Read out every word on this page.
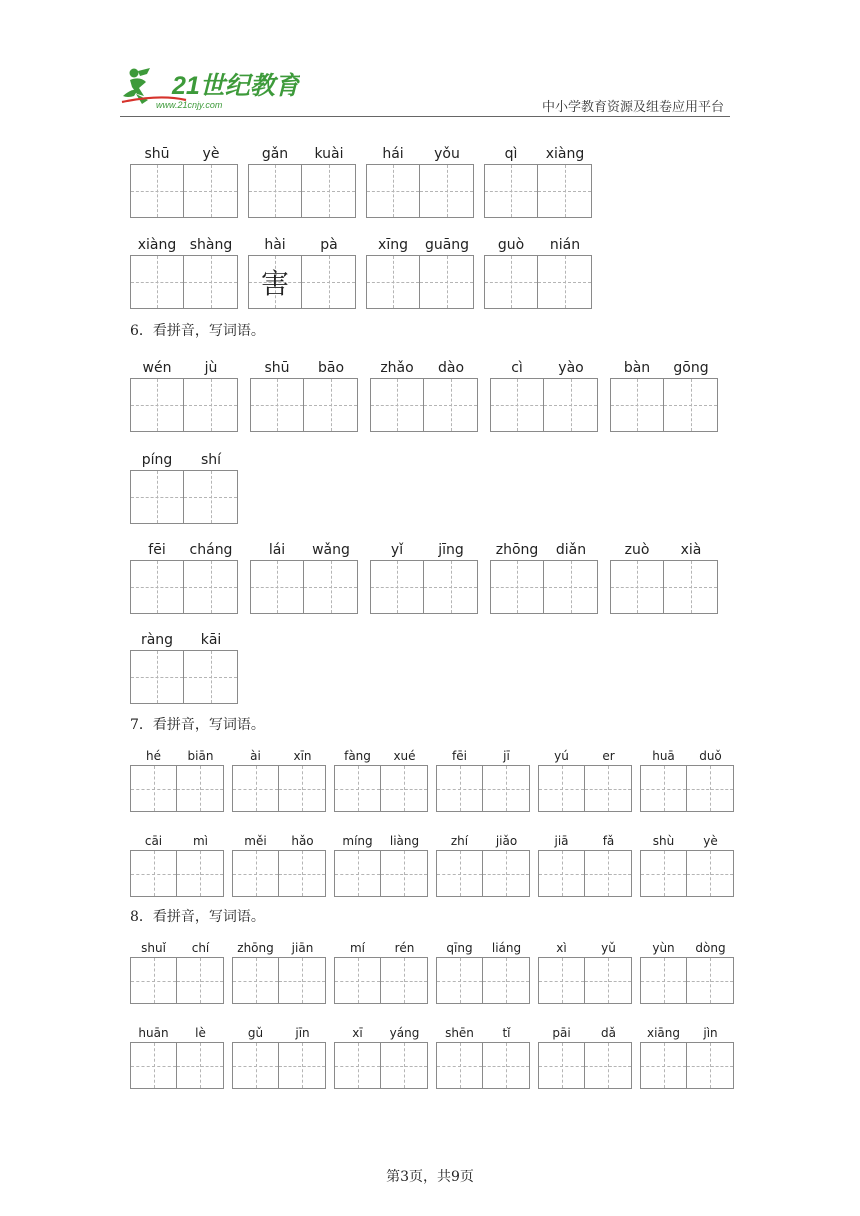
21世纪教育
www.21cnjy.com	中小学教育资源及组卷应用平台
6．看拼音，写词语。
7．看拼音，写词语。
8．看拼音，写词语。
shū yè	gǎn kuài	hái yǒu	qì xiàng
xiàng shàng hài pà
害
xīng guāng guò nián
wén jù	shū bāo	zhǎo dào	cì	yào	bàn gōng
píng shí
fēi cháng	lái wǎng	yǐ	jīng zhōng diǎn	zuò xià
ràng kāi
hé biān	ài	xīn	fàng xué	fēi	jī	yú	er	huā duǒ
cāi	mì	měi hǎo míng liàng	zhí jiǎo	jiā	fǎ	shù yè
shuǐ chí zhōng jiān	mí rén	qīng liáng	xì	yǔ	yùn dòng
huān lè	gǔ	jīn	xī yáng shēn tǐ	pāi	dǎ	xiāng jìn
第3页，共9页
